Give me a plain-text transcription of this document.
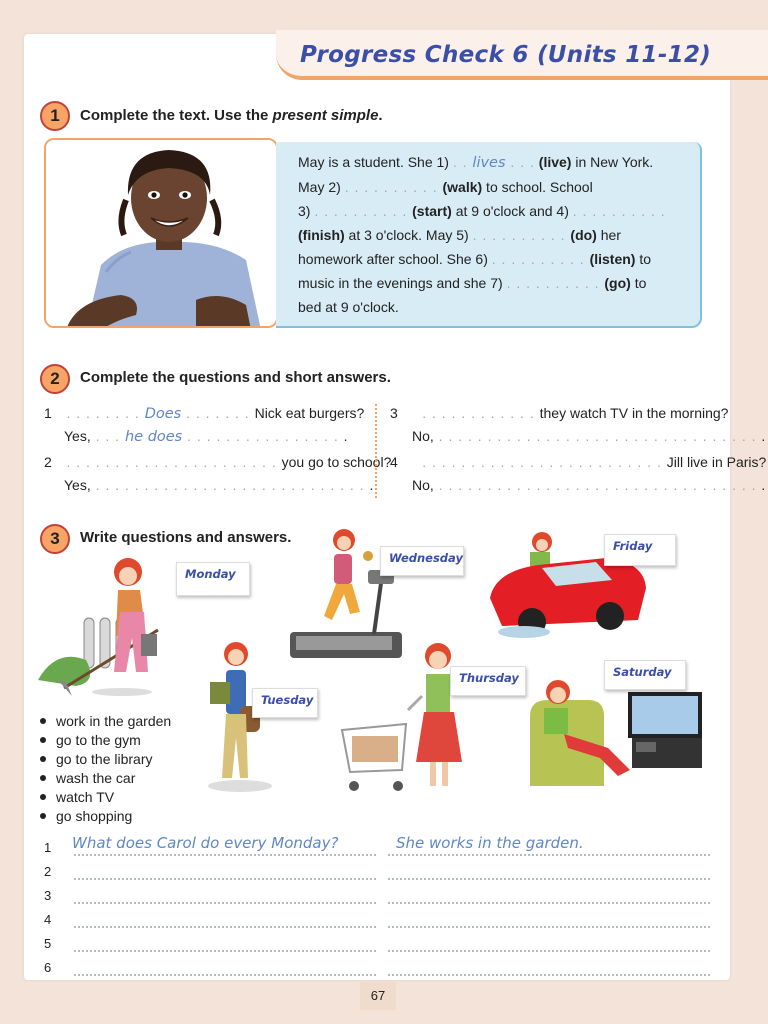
Progress Check 6 (Units 11-12)
1	Complete the text. Use the present simple.
May is a student. She 1) . . lives . . . (live) in New York.
May 2) . . . . . . . . . . (walk) to school. School
3) . . . . . . . . . . (start) at 9 o'clock and 4) . . . . . . . . . .
(finish) at 3 o'clock. May 5) . . . . . . . . . . (do) her
homework after school. She 6) . . . . . . . . . . (listen) to
music in the evenings and she 7) . . . . . . . . . . (go) to
bed at 9 o'clock.
2	Complete the questions and short answers.
1   . . . . . . . . Does . . . . . . . Nick eat burgers?
Yes, . . . he does . . . . . . . . . . . . . . . . .
2   . . . . . . . . . . . . . . . . . . . . . . you go to school?
Yes, . . . . . . . . . . . . . . . . . . . . . . . . . . . . .
3     . . . . . . . . . . . . they watch TV in the morning?
No, . . . . . . . . . . . . . . . . . . . . . . . . . . . . . . . . . .
4     . . . . . . . . . . . . . . . . . . . . . . . . . Jill live in Paris?
No, . . . . . . . . . . . . . . . . . . . . . . . . . . . . . . . . . .
3	Write questions and answers.
Monday
Tuesday
Wednesday
Thursday
Friday
Saturday
work in the garden
go to the gym
go to the library
wash the car
watch TV
go shopping
1 What does Carol do every Monday?	She works in the garden.
2
3
4
5
6
67
